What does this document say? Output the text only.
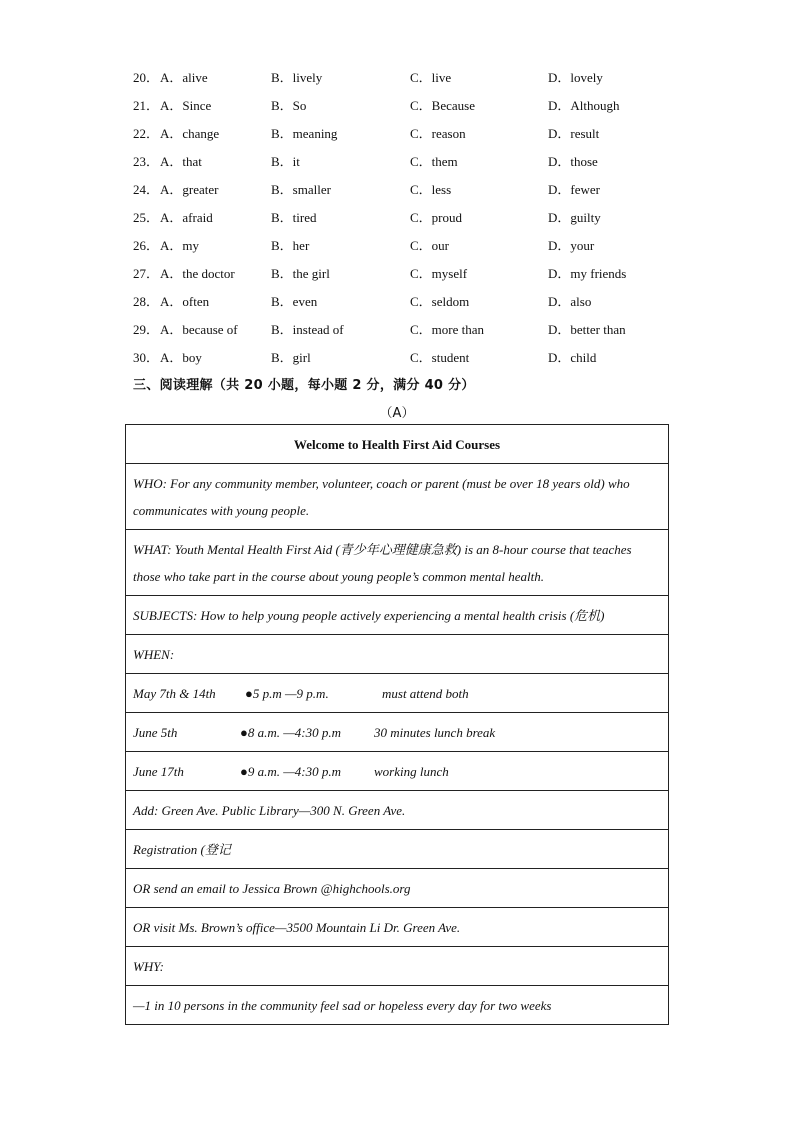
20． A．alive	B．lively	C．live	D．lovely
21． A．Since	B．So	C．Because	D．Although
22． A．change	B．meaning	C．reason	D．result
23． A．that	B．it	C．them	D．those
24． A．greater	B．smaller	C．less	D．fewer
25． A．afraid	B．tired	C．proud	D．guilty
26． A．my	B．her	C．our	D．your
27． A．the doctor	B．the girl	C．myself	D．my friends
28． A．often	B．even	C．seldom	D．also
29． A．because of	B．instead of	C．more than	D．better than
30． A．boy	B．girl	C．student	D．child
三、阅读理解（共 20 小题，每小题 2 分，满分 40 分）
（A）
Welcome to Health First Aid Courses
WHO: For any community member, volunteer, coach or parent (must be over 18 years old) who communicates with young people.
WHAT: Youth Mental Health First Aid (青少年心理健康急救) is an 8-hour course that teaches those who take part in the course about young people’s common mental health.
SUBJECTS: How to help young people actively experiencing a mental health crisis (危机)
WHEN:
May 7th & 14th ●5 p.m —9 p.m.	must attend both
June 5th	●8 a.m. —4:30 p.m	30 minutes lunch break
June 17th	●9 a.m. —4:30 p.m	working lunch
Add: Green Ave. Public Library—300 N. Green Ave.
Registration (登记
OR send an email to Jessica Brown @highchools.org
OR visit Ms. Brown’s office—3500 Mountain Li Dr. Green Ave.
WHY:
—1 in 10 persons in the community feel sad or hopeless every day for two weeks
